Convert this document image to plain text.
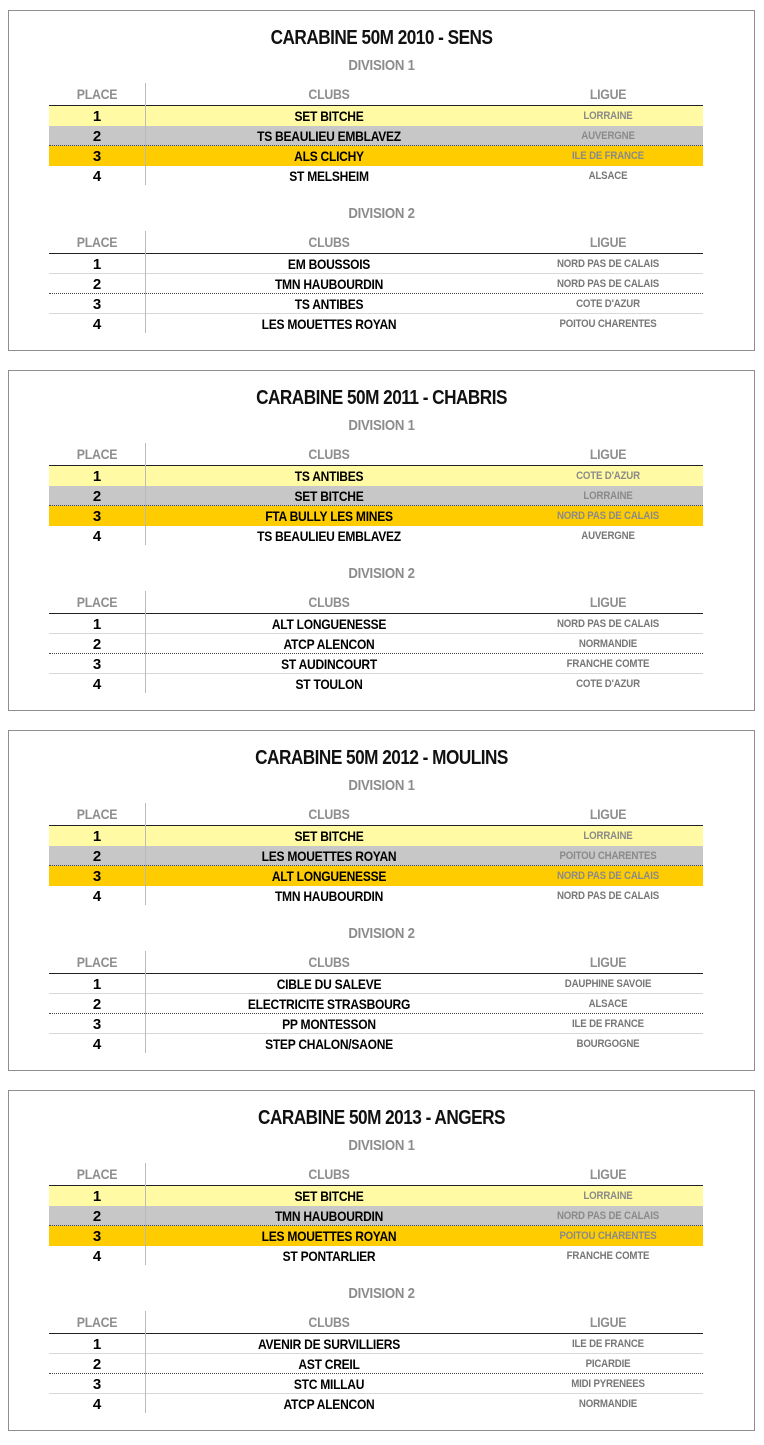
CARABINE 50M 2010 - SENS
DIVISION 1
PLACE	CLUBS	LIGUE
1	SET BITCHE	LORRAINE
2	TS BEAULIEU EMBLAVEZ	AUVERGNE
3	ALS CLICHY	ILE DE FRANCE
4	ST MELSHEIM	ALSACE
DIVISION 2
PLACE	CLUBS	LIGUE
1	EM BOUSSOIS	NORD PAS DE CALAIS
2	TMN HAUBOURDIN	NORD PAS DE CALAIS
3	TS ANTIBES	COTE D'AZUR
4	LES MOUETTES ROYAN	POITOU CHARENTES
CARABINE 50M 2011 - CHABRIS
DIVISION 1
PLACE	CLUBS	LIGUE
1	TS ANTIBES	COTE D'AZUR
2	SET BITCHE	LORRAINE
3	FTA BULLY LES MINES	NORD PAS DE CALAIS
4	TS BEAULIEU EMBLAVEZ	AUVERGNE
DIVISION 2
PLACE	CLUBS	LIGUE
1	ALT LONGUENESSE	NORD PAS DE CALAIS
2	ATCP ALENCON	NORMANDIE
3	ST AUDINCOURT	FRANCHE COMTE
4	ST TOULON	COTE D'AZUR
CARABINE 50M 2012 - MOULINS
DIVISION 1
PLACE	CLUBS	LIGUE
1	SET BITCHE	LORRAINE
2	LES MOUETTES ROYAN	POITOU CHARENTES
3	ALT LONGUENESSE	NORD PAS DE CALAIS
4	TMN HAUBOURDIN	NORD PAS DE CALAIS
DIVISION 2
PLACE	CLUBS	LIGUE
1	CIBLE DU SALEVE	DAUPHINE SAVOIE
2	ELECTRICITE STRASBOURG	ALSACE
3	PP MONTESSON	ILE DE FRANCE
4	STEP CHALON/SAONE	BOURGOGNE
CARABINE 50M 2013 - ANGERS
DIVISION 1
PLACE	CLUBS	LIGUE
1	SET BITCHE	LORRAINE
2	TMN HAUBOURDIN	NORD PAS DE CALAIS
3	LES MOUETTES ROYAN	POITOU CHARENTES
4	ST PONTARLIER	FRANCHE COMTE
DIVISION 2
PLACE	CLUBS	LIGUE
1	AVENIR DE SURVILLIERS	ILE DE FRANCE
2	AST CREIL	PICARDIE
3	STC MILLAU	MIDI PYRENEES
4	ATCP ALENCON	NORMANDIE
